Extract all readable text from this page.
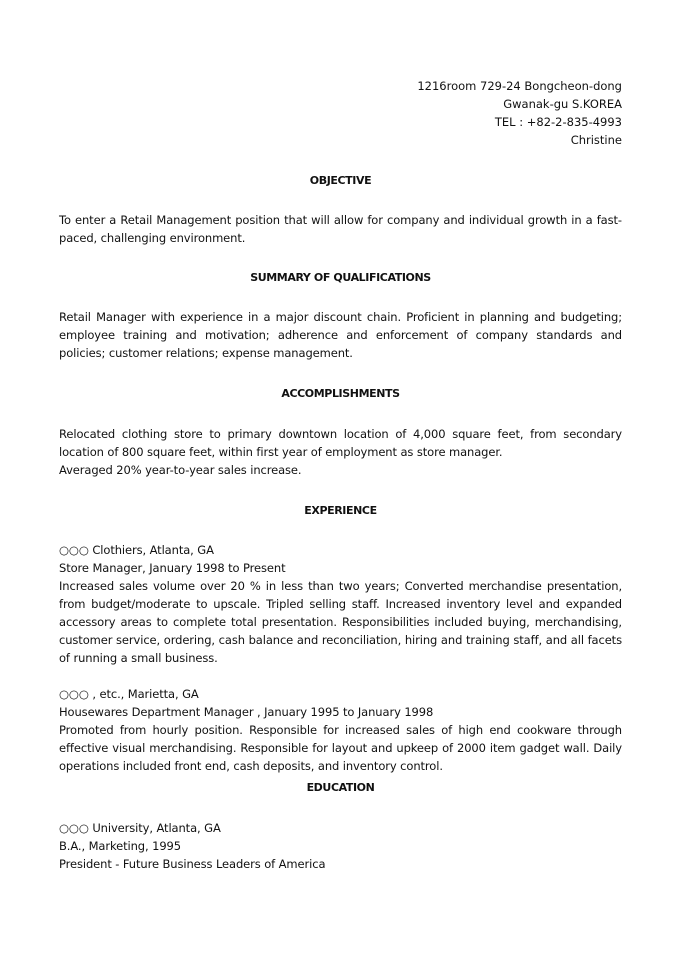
1216room 729-24 Bongcheon-dong
Gwanak-gu S.KOREA
TEL : +82-2-835-4993
Christine
OBJECTIVE
To enter a Retail Management position that will allow for company and individual growth in a fast-paced, challenging environment.
SUMMARY OF QUALIFICATIONS
Retail Manager with experience in a major discount chain. Proficient in planning and budgeting; employee training and motivation; adherence and enforcement of company standards and policies; customer relations; expense management.
ACCOMPLISHMENTS
Relocated clothing store to primary downtown location of 4,000 square feet, from secondary location of 800 square feet, within first year of employment as store manager.
Averaged 20% year-to-year sales increase.
EXPERIENCE
○○○ Clothiers, Atlanta, GA
Store Manager, January 1998 to Present
Increased sales volume over 20 % in less than two years; Converted merchandise presentation, from budget/moderate to upscale. Tripled selling staff. Increased inventory level and expanded accessory areas to complete total presentation. Responsibilities included buying, merchandising, customer service, ordering, cash balance and reconciliation, hiring and training staff, and all facets of running a small business.
○○○ , etc., Marietta, GA
Housewares Department Manager , January 1995 to January 1998
Promoted from hourly position. Responsible for increased sales of high end cookware through effective visual merchandising. Responsible for layout and upkeep of 2000 item gadget wall. Daily operations included front end, cash deposits, and inventory control.
EDUCATION
○○○ University, Atlanta, GA
B.A., Marketing, 1995
President - Future Business Leaders of America
